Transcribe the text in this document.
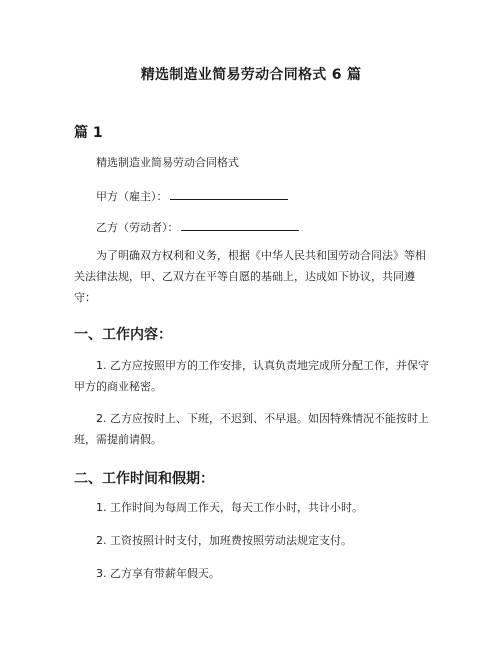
精选制造业简易劳动合同格式 6 篇
篇 1
精选制造业简易劳动合同格式
甲方（雇主）：
乙方（劳动者）：
为了明确双方权利和义务，根据《中华人民共和国劳动合同法》等相关法律法规，甲、乙双方在平等自愿的基础上，达成如下协议，共同遵守：
一、工作内容：
1. 乙方应按照甲方的工作安排，认真负责地完成所分配工作，并保守甲方的商业秘密。
2. 乙方应按时上、下班，不迟到、不早退。如因特殊情况不能按时上班，需提前请假。
二、工作时间和假期：
1. 工作时间为每周工作天，每天工作小时，共计小时。
2. 工资按照计时支付，加班费按照劳动法规定支付。
3. 乙方享有带薪年假天。
